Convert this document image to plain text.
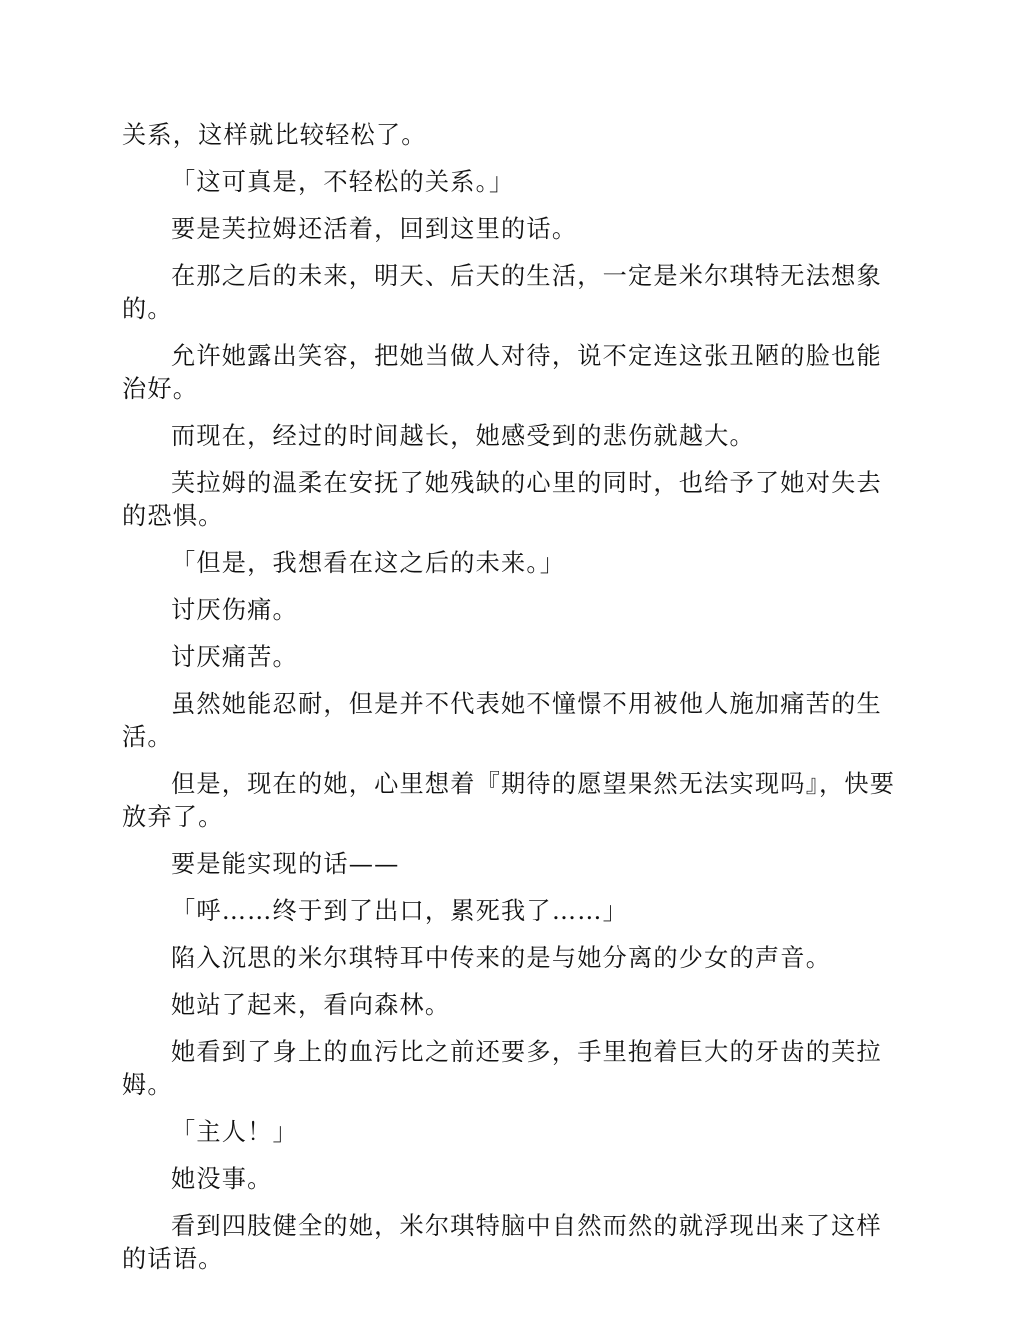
关系，这样就比较轻松了。

「这可真是，不轻松的关系。」

要是芙拉姆还活着，回到这里的话。

在那之后的未来，明天、后天的生活，一定是米尔琪特无法想象的。

允许她露出笑容，把她当做人对待，说不定连这张丑陋的脸也能治好。

而现在，经过的时间越长，她感受到的悲伤就越大。

芙拉姆的温柔在安抚了她残缺的心里的同时，也给予了她对失去的恐惧。

「但是，我想看在这之后的未来。」

讨厌伤痛。

讨厌痛苦。

虽然她能忍耐，但是并不代表她不憧憬不用被他人施加痛苦的生活。

但是，现在的她，心里想着『期待的愿望果然无法实现吗』，快要放弃了。

要是能实现的话——

「呼……终于到了出口，累死我了……」

陷入沉思的米尔琪特耳中传来的是与她分离的少女的声音。

她站了起来，看向森林。

她看到了身上的血污比之前还要多，手里抱着巨大的牙齿的芙拉姆。

「主人！」

她没事。

看到四肢健全的她，米尔琪特脑中自然而然的就浮现出来了这样的话语。
